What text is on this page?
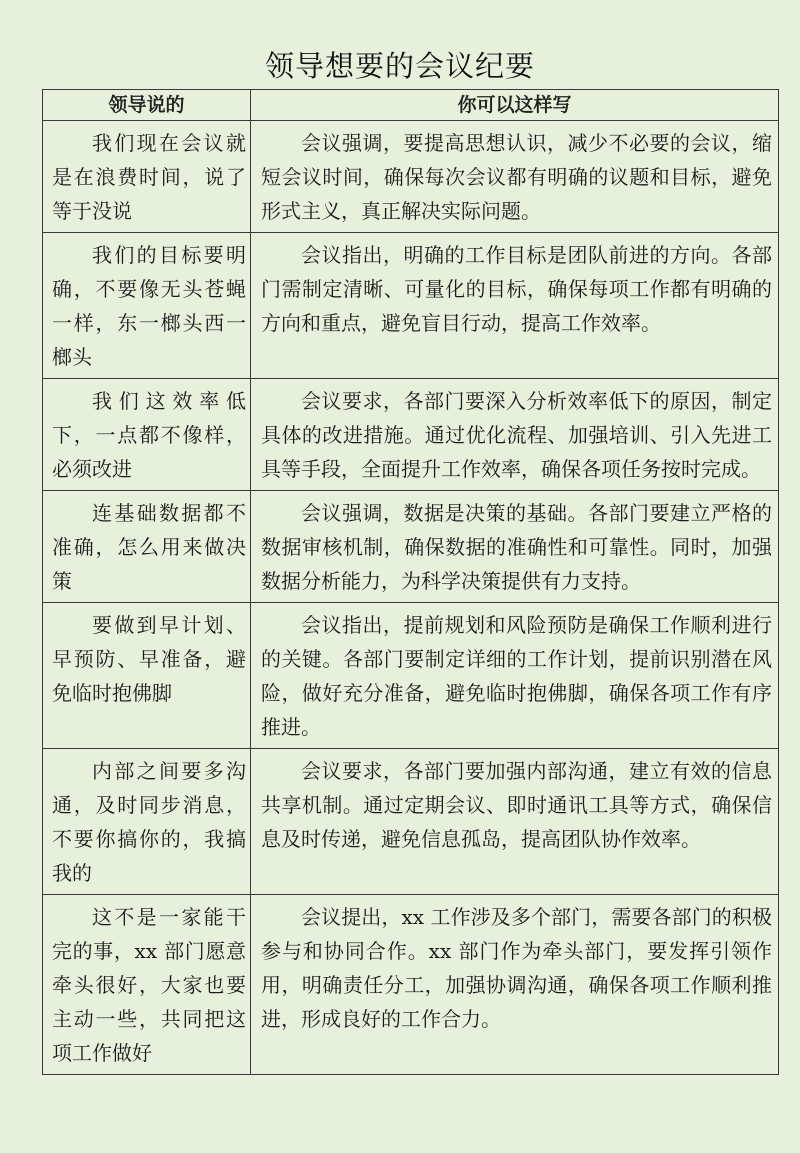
领导想要的会议纪要
领导说的	你可以这样写
我们现在会议就是在浪费时间，说了等于没说	会议强调，要提高思想认识，减少不必要的会议，缩短会议时间，确保每次会议都有明确的议题和目标，避免形式主义，真正解决实际问题。
我们的目标要明确，不要像无头苍蝇一样，东一榔头西一榔头	会议指出，明确的工作目标是团队前进的方向。各部门需制定清晰、可量化的目标，确保每项工作都有明确的方向和重点，避免盲目行动，提高工作效率。
我们这效率低下，一点都不像样，必须改进	会议要求，各部门要深入分析效率低下的原因，制定具体的改进措施。通过优化流程、加强培训、引入先进工具等手段，全面提升工作效率，确保各项任务按时完成。
连基础数据都不准确，怎么用来做决策	会议强调，数据是决策的基础。各部门要建立严格的数据审核机制，确保数据的准确性和可靠性。同时，加强数据分析能力，为科学决策提供有力支持。
要做到早计划、早预防、早准备，避免临时抱佛脚	会议指出，提前规划和风险预防是确保工作顺利进行的关键。各部门要制定详细的工作计划，提前识别潜在风险，做好充分准备，避免临时抱佛脚，确保各项工作有序推进。
内部之间要多沟通，及时同步消息，不要你搞你的，我搞我的	会议要求，各部门要加强内部沟通，建立有效的信息共享机制。通过定期会议、即时通讯工具等方式，确保信息及时传递，避免信息孤岛，提高团队协作效率。
这不是一家能干完的事，xx 部门愿意牵头很好，大家也要主动一些，共同把这项工作做好	会议提出，xx 工作涉及多个部门，需要各部门的积极参与和协同合作。xx 部门作为牵头部门，要发挥引领作用，明确责任分工，加强协调沟通，确保各项工作顺利推进，形成良好的工作合力。
